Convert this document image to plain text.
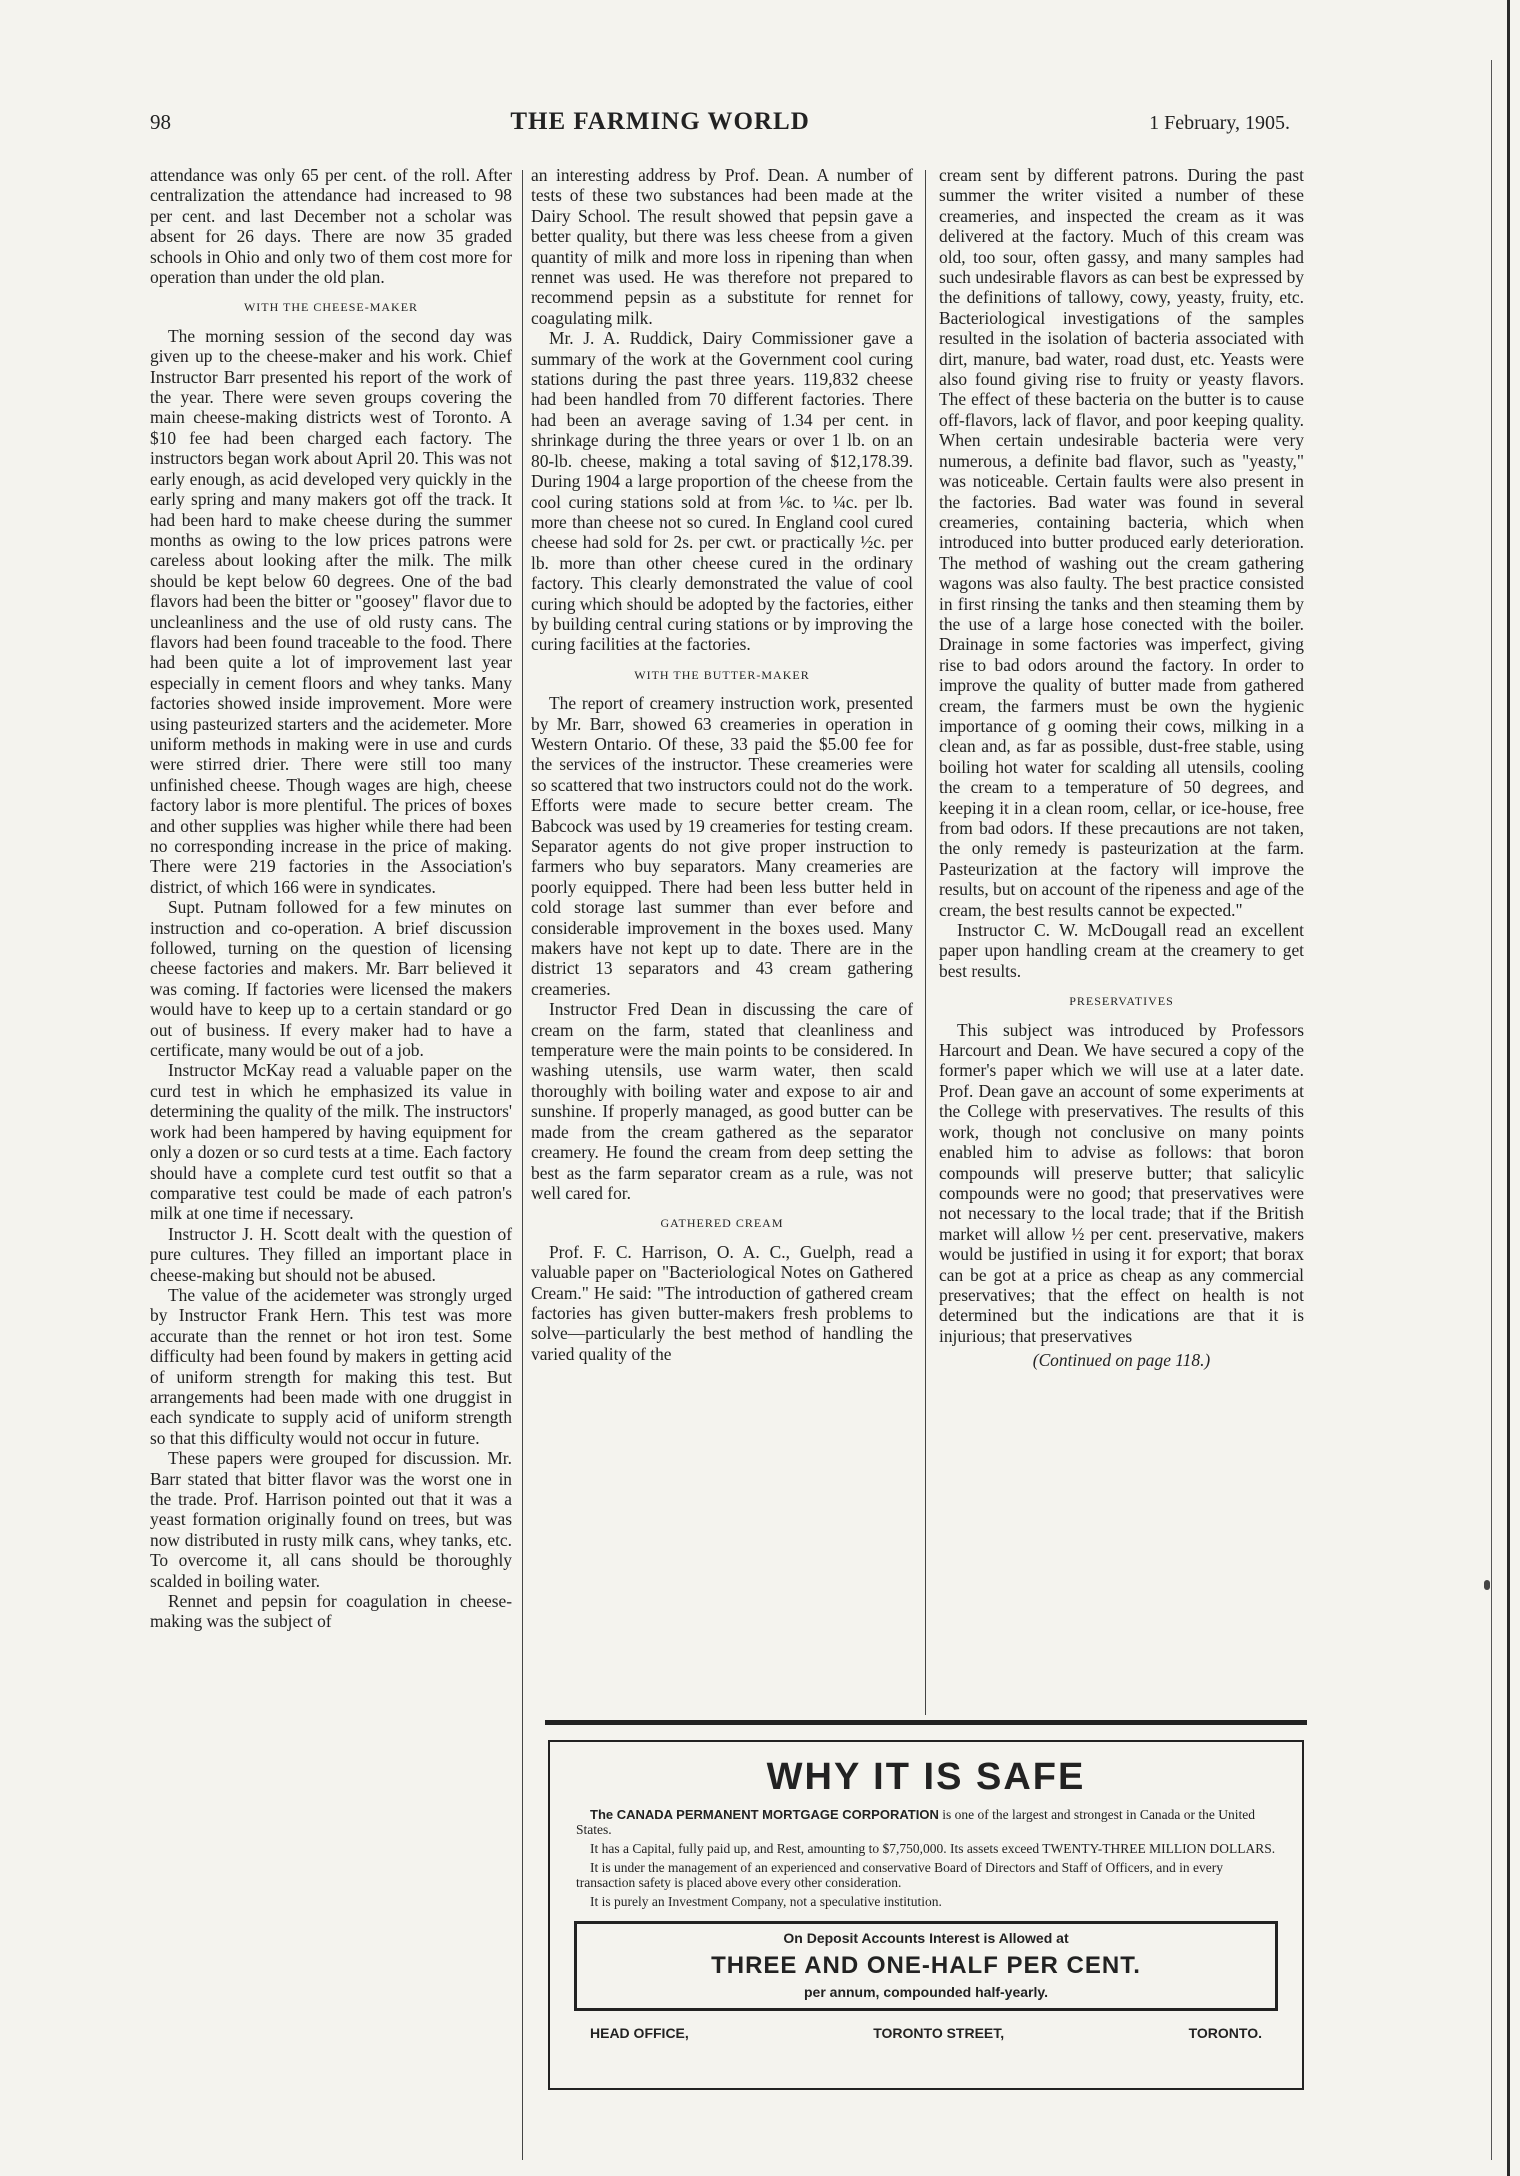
98	THE FARMING WORLD	1 February, 1905.

attendance was only 65 per cent. of the roll. After centralization the attendance had increased to 98 per cent. and last December not a scholar was absent for 26 days. There are now 35 graded schools in Ohio and only two of them cost more for operation than under the old plan.

WITH THE CHEESE-MAKER

The morning session of the second day was given up to the cheese-maker and his work. Chief Instructor Barr presented his report of the work of the year. There were seven groups covering the main cheese-making districts west of Toronto. A $10 fee had been charged each factory. The instructors began work about April 20. This was not early enough, as acid developed very quickly in the early spring and many makers got off the track. It had been hard to make cheese during the summer months as owing to the low prices patrons were careless about looking after the milk. The milk should be kept below 60 degrees. One of the bad flavors had been the bitter or "goosey" flavor due to uncleanliness and the use of old rusty cans. The flavors had been found traceable to the food. There had been quite a lot of improvement last year especially in cement floors and whey tanks. Many factories showed inside improvement. More were using pasteurized starters and the acidemeter. More uniform methods in making were in use and curds were stirred drier. There were still too many unfinished cheese. Though wages are high, cheese factory labor is more plentiful. The prices of boxes and other supplies was higher while there had been no corresponding increase in the price of making. There were 219 factories in the Association's district, of which 166 were in syndicates.

Supt. Putnam followed for a few minutes on instruction and co-operation. A brief discussion followed, turning on the question of licensing cheese factories and makers. Mr. Barr believed it was coming. If factories were licensed the makers would have to keep up to a certain standard or go out of business. If every maker had to have a certificate, many would be out of a job.

Instructor McKay read a valuable paper on the curd test in which he emphasized its value in determining the quality of the milk. The instructors' work had been hampered by having equipment for only a dozen or so curd tests at a time. Each factory should have a complete curd test outfit so that a comparative test could be made of each patron's milk at one time if necessary.

Instructor J. H. Scott dealt with the question of pure cultures. They filled an important place in cheese-making but should not be abused.

The value of the acidemeter was strongly urged by Instructor Frank Hern. This test was more accurate than the rennet or hot iron test. Some difficulty had been found by makers in getting acid of uniform strength for making this test. But arrangements had been made with one druggist in each syndicate to supply acid of uniform strength so that this difficulty would not occur in future.

These papers were grouped for discussion. Mr. Barr stated that bitter flavor was the worst one in the trade. Prof. Harrison pointed out that it was a yeast formation originally found on trees, but was now distributed in rusty milk cans, whey tanks, etc. To overcome it, all cans should be thoroughly scalded in boiling water.

Rennet and pepsin for coagulation in cheese-making was the subject of

an interesting address by Prof. Dean. A number of tests of these two substances had been made at the Dairy School. The result showed that pepsin gave a better quality, but there was less cheese from a given quantity of milk and more loss in ripening than when rennet was used. He was therefore not prepared to recommend pepsin as a substitute for rennet for coagulating milk.

Mr. J. A. Ruddick, Dairy Commissioner gave a summary of the work at the Government cool curing stations during the past three years. 119,832 cheese had been handled from 70 different factories. There had been an average saving of 1.34 per cent. in shrinkage during the three years or over 1 lb. on an 80-lb. cheese, making a total saving of $12,178.39. During 1904 a large proportion of the cheese from the cool curing stations sold at from ⅛c. to ¼c. per lb. more than cheese not so cured. In England cool cured cheese had sold for 2s. per cwt. or practically ½c. per lb. more than other cheese cured in the ordinary factory. This clearly demonstrated the value of cool curing which should be adopted by the factories, either by building central curing stations or by improving the curing facilities at the factories.

WITH THE BUTTER-MAKER

The report of creamery instruction work, presented by Mr. Barr, showed 63 creameries in operation in Western Ontario. Of these, 33 paid the $5.00 fee for the services of the instructor. These creameries were so scattered that two instructors could not do the work. Efforts were made to secure better cream. The Babcock was used by 19 creameries for testing cream. Separator agents do not give proper instruction to farmers who buy separators. Many creameries are poorly equipped. There had been less butter held in cold storage last summer than ever before and considerable improvement in the boxes used. Many makers have not kept up to date. There are in the district 13 separators and 43 cream gathering creameries.

Instructor Fred Dean in discussing the care of cream on the farm, stated that cleanliness and temperature were the main points to be considered. In washing utensils, use warm water, then scald thoroughly with boiling water and expose to air and sunshine. If properly managed, as good butter can be made from the cream gathered as the separator creamery. He found the cream from deep setting the best as the farm separator cream as a rule, was not well cared for.

GATHERED CREAM

Prof. F. C. Harrison, O. A. C., Guelph, read a valuable paper on "Bacteriological Notes on Gathered Cream." He said: "The introduction of gathered cream factories has given butter-makers fresh problems to solve—particularly the best method of handling the varied quality of the

cream sent by different patrons. During the past summer the writer visited a number of these creameries, and inspected the cream as it was delivered at the factory. Much of this cream was old, too sour, often gassy, and many samples had such undesirable flavors as can best be expressed by the definitions of tallowy, cowy, yeasty, fruity, etc. Bacteriological investigations of the samples resulted in the isolation of bacteria associated with dirt, manure, bad water, road dust, etc. Yeasts were also found giving rise to fruity or yeasty flavors. The effect of these bacteria on the butter is to cause off-flavors, lack of flavor, and poor keeping quality. When certain undesirable bacteria were very numerous, a definite bad flavor, such as "yeasty," was noticeable. Certain faults were also present in the factories. Bad water was found in several creameries, containing bacteria, which when introduced into butter produced early deterioration. The method of washing out the cream gathering wagons was also faulty. The best practice consisted in first rinsing the tanks and then steaming them by the use of a large hose conected with the boiler. Drainage in some factories was imperfect, giving rise to bad odors around the factory. In order to improve the quality of butter made from gathered cream, the farmers must be own the hygienic importance of g ooming their cows, milking in a clean and, as far as possible, dust-free stable, using boiling hot water for scalding all utensils, cooling the cream to a temperature of 50 degrees, and keeping it in a clean room, cellar, or ice-house, free from bad odors. If these precautions are not taken, the only remedy is pasteurization at the farm. Pasteurization at the factory will improve the results, but on account of the ripeness and age of the cream, the best results cannot be expected."

Instructor C. W. McDougall read an excellent paper upon handling cream at the creamery to get best results.

PRESERVATIVES

This subject was introduced by Professors Harcourt and Dean. We have secured a copy of the former's paper which we will use at a later date. Prof. Dean gave an account of some experiments at the College with preservatives. The results of this work, though not conclusive on many points enabled him to advise as follows: that boron compounds will preserve butter; that salicylic compounds were no good; that preservatives were not necessary to the local trade; that if the British market will allow ½ per cent. preservative, makers would be justified in using it for export; that borax can be got at a price as cheap as any commercial preservatives; that the effect on health is not determined but the indications are that it is injurious; that preservatives

(Continued on page 118.)
WHY IT IS SAFE

The CANADA PERMANENT MORTGAGE CORPORATION is one of the largest and strongest in Canada or the United States.

It has a Capital, fully paid up, and Rest, amounting to $7,750,000. Its assets exceed TWENTY-THREE MILLION DOLLARS.

It is under the management of an experienced and conservative Board of Directors and Staff of Officers, and in every transaction safety is placed above every other consideration.

It is purely an Investment Company, not a speculative institution.

On Deposit Accounts Interest is Allowed at
THREE AND ONE-HALF PER CENT.
per annum, compounded half-yearly.
HEAD OFFICE,	TORONTO STREET,	TORONTO.
